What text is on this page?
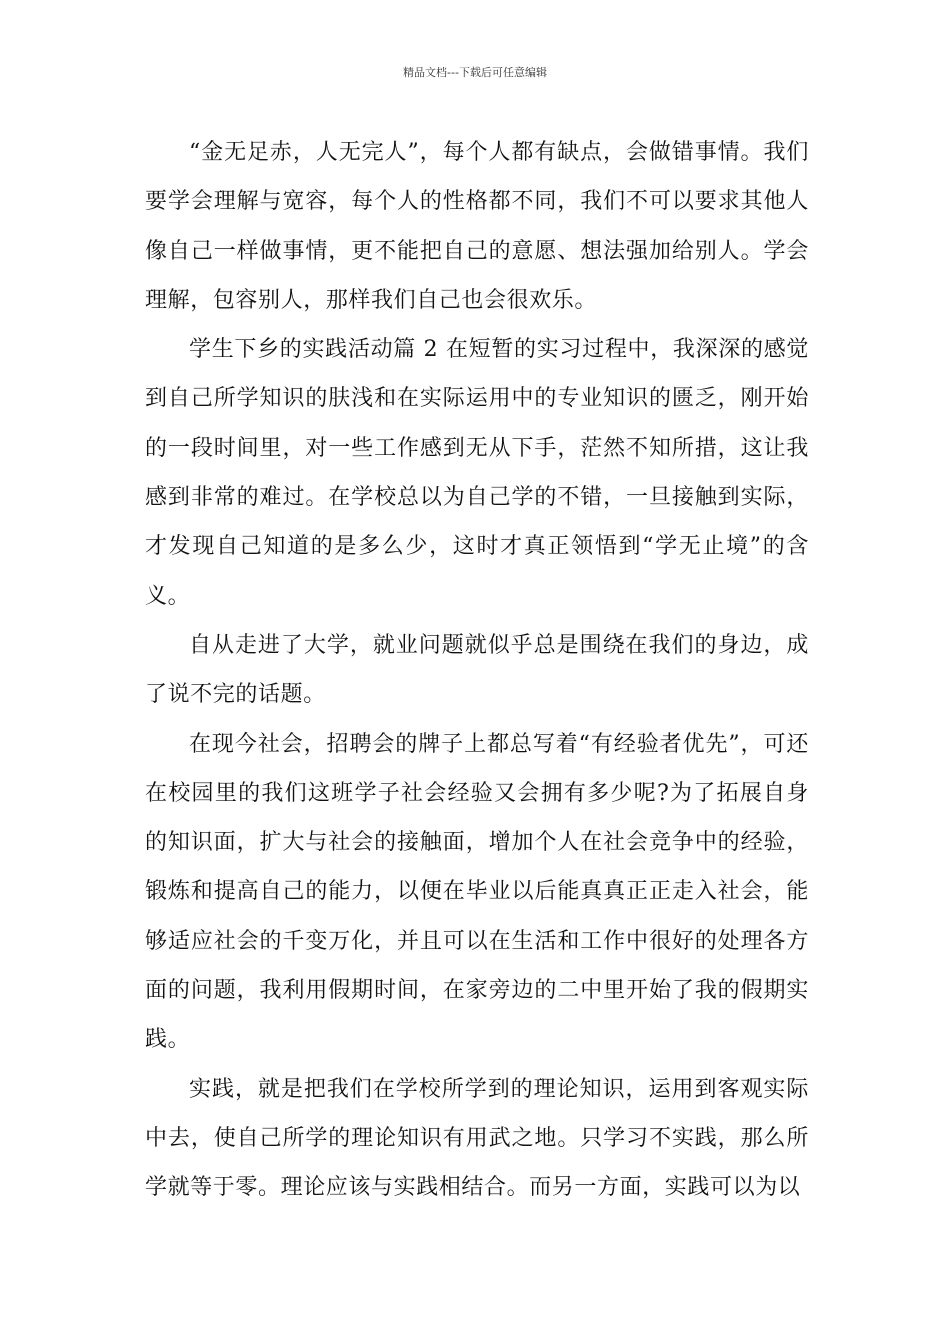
精品文档---下载后可任意编辑

“金无足赤，人无完人”，每个人都有缺点，会做错事情。我们要学会理解与宽容，每个人的性格都不同，我们不可以要求其他人像自己一样做事情，更不能把自己的意愿、想法强加给别人。学会理解，包容别人，那样我们自己也会很欢乐。

学生下乡的实践活动篇 2 在短暂的实习过程中，我深深的感觉到自己所学知识的肤浅和在实际运用中的专业知识的匮乏，刚开始的一段时间里，对一些工作感到无从下手，茫然不知所措，这让我感到非常的难过。在学校总以为自己学的不错，一旦接触到实际，才发现自己知道的是多么少，这时才真正领悟到“学无止境”的含义。

自从走进了大学，就业问题就似乎总是围绕在我们的身边，成了说不完的话题。

在现今社会，招聘会的牌子上都总写着“有经验者优先”，可还在校园里的我们这班学子社会经验又会拥有多少呢?为了拓展自身的知识面，扩大与社会的接触面，增加个人在社会竞争中的经验，锻炼和提高自己的能力，以便在毕业以后能真真正正走入社会，能够适应社会的千变万化，并且可以在生活和工作中很好的处理各方面的问题，我利用假期时间，在家旁边的二中里开始了我的假期实践。

实践，就是把我们在学校所学到的理论知识，运用到客观实际中去，使自己所学的理论知识有用武之地。只学习不实践，那么所学就等于零。理论应该与实践相结合。而另一方面，实践可以为以
